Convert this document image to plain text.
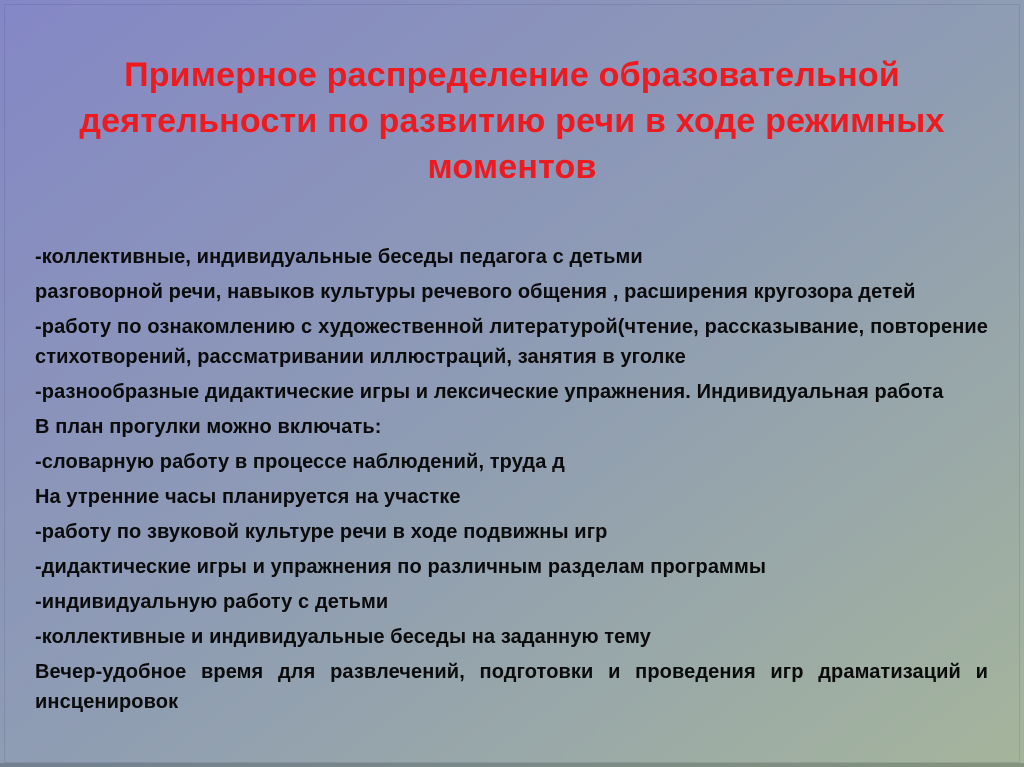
Примерное распределение образовательной
деятельности по развитию речи в ходе режимных
моментов

-коллективные, индивидуальные беседы педагога с детьми

разговорной речи, навыков культуры речевого общения , расширения кругозора детей

-работу по ознакомлению с художественной литературой(чтение, рассказывание, повторение стихотворений, рассматривании иллюстраций, занятия в уголке

-разнообразные дидактические игры и лексические упражнения. Индивидуальная работа

В план прогулки можно включать:

-словарную работу в процессе наблюдений, труда д

На утренние часы планируется на участке

-работу по звуковой культуре речи в ходе подвижны игр

-дидактические игры и упражнения по различным разделам программы

-индивидуальную работу с детьми

-коллективные и индивидуальные беседы на заданную тему

Вечер-удобное время для развлечений, подготовки и проведения игр драматизаций и инсценировок
